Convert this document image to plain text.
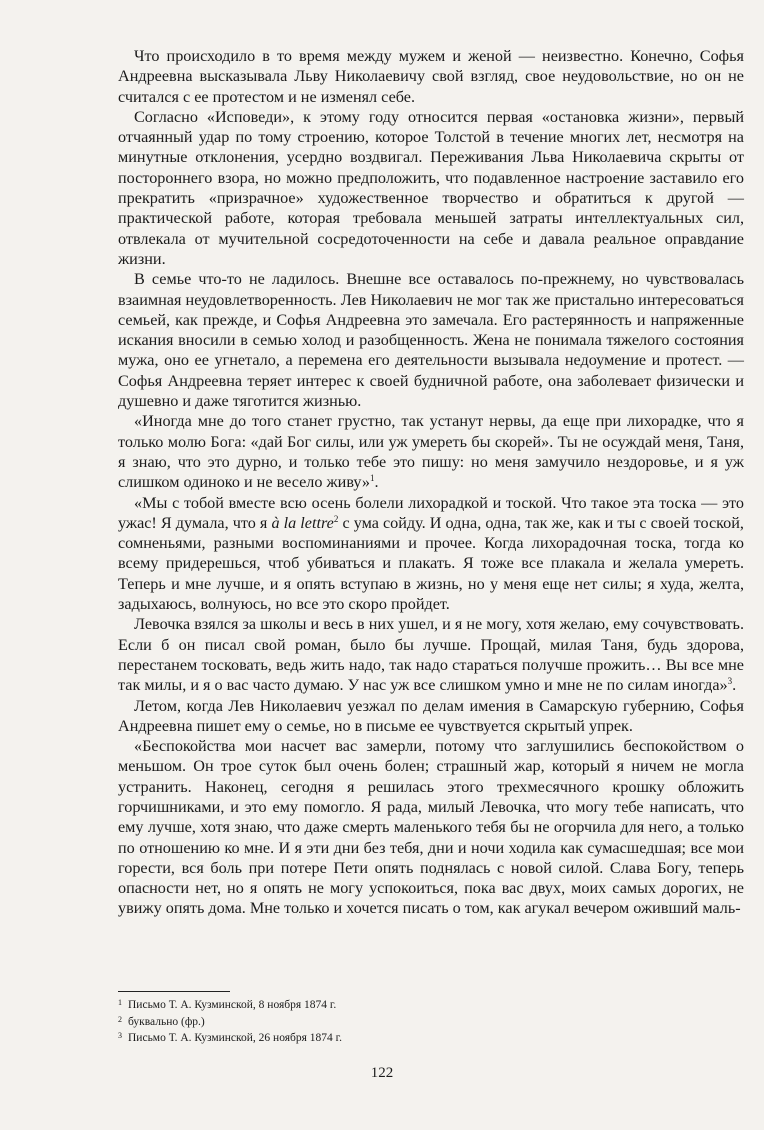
Что происходило в то время между мужем и женой — неизвестно. Конечно, Софья Андреевна высказывала Льву Николаевичу свой взгляд, свое неудовольствие, но он не считался с ее протестом и не изменял себе.

Согласно «Исповеди», к этому году относится первая «остановка жизни», первый отчаянный удар по тому строению, которое Толстой в течение многих лет, несмотря на минутные отклонения, усердно воздвигал. Переживания Льва Николаевича скрыты от постороннего взора, но можно предположить, что подавленное настроение заставило его прекратить «призрачное» художественное творчество и обратиться к другой — практической работе, которая требовала меньшей затраты интеллектуальных сил, отвлекала от мучительной сосредоточенности на себе и давала реальное оправдание жизни.

В семье что-то не ладилось. Внешне все оставалось по-прежнему, но чувствовалась взаимная неудовлетворенность. Лев Николаевич не мог так же пристально интересоваться семьей, как прежде, и Софья Андреевна это замечала. Его растерянность и напряженные искания вносили в семью холод и разобщенность. Жена не понимала тяжелого состояния мужа, оно ее угнетало, а перемена его деятельности вызывала недоумение и протест. — Софья Андреевна теряет интерес к своей будничной работе, она заболевает физически и душевно и даже тяготится жизнью.

«Иногда мне до того станет грустно, так устанут нервы, да еще при лихорадке, что я только молю Бога: «дай Бог силы, или уж умереть бы скорей». Ты не осуждай меня, Таня, я знаю, что это дурно, и только тебе это пишу: но меня замучило нездоровье, и я уж слишком одиноко и не весело живу»$^1$.

«Мы с тобой вместе всю осень болели лихорадкой и тоской. Что такое эта тоска — это ужас! Я думала, что я à la lettre$^2$ с ума сойду. И одна, одна, так же, как и ты с своей тоской, сомненьями, разными воспоминаниями и прочее. Когда лихорадочная тоска, тогда ко всему придерешься, чтоб убиваться и плакать. Я тоже все плакала и желала умереть. Теперь и мне лучше, и я опять вступаю в жизнь, но у меня еще нет силы; я худа, желта, задыхаюсь, волнуюсь, но все это скоро пройдет.

Левочка взялся за школы и весь в них ушел, и я не могу, хотя желаю, ему сочувствовать. Если б он писал свой роман, было бы лучше. Прощай, милая Таня, будь здорова, перестанем тосковать, ведь жить надо, так надо стараться получше прожить… Вы все мне так милы, и я о вас часто думаю. У нас уж все слишком умно и мне не по силам иногда»$^3$.

Летом, когда Лев Николаевич уезжал по делам имения в Самарскую губернию, Софья Андреевна пишет ему о семье, но в письме ее чувствуется скрытый упрек.

«Беспокойства мои насчет вас замерли, потому что заглушились беспокойством о меньшом. Он трое суток был очень болен; страшный жар, который я ничем не могла устранить. Наконец, сегодня я решилась этого трехмесячного крошку обложить горчишниками, и это ему помогло. Я рада, милый Левочка, что могу тебе написать, что ему лучше, хотя знаю, что даже смерть маленького тебя бы не огорчила для него, а только по отношению ко мне. И я эти дни без тебя, дни и ночи ходила как сумасшедшая; все мои горести, вся боль при потере Пети опять поднялась с новой силой. Слава Богу, теперь опасности нет, но я опять не могу успокоиться, пока вас двух, моих самых дорогих, не увижу опять дома. Мне только и хочется писать о том, как агукал вечером оживший маль-

$^1$ Письмо Т. А. Кузминской, 8 ноября 1874 г.
$^2$ буквально (фр.)
$^3$ Письмо Т. А. Кузминской, 26 ноября 1874 г.
122
